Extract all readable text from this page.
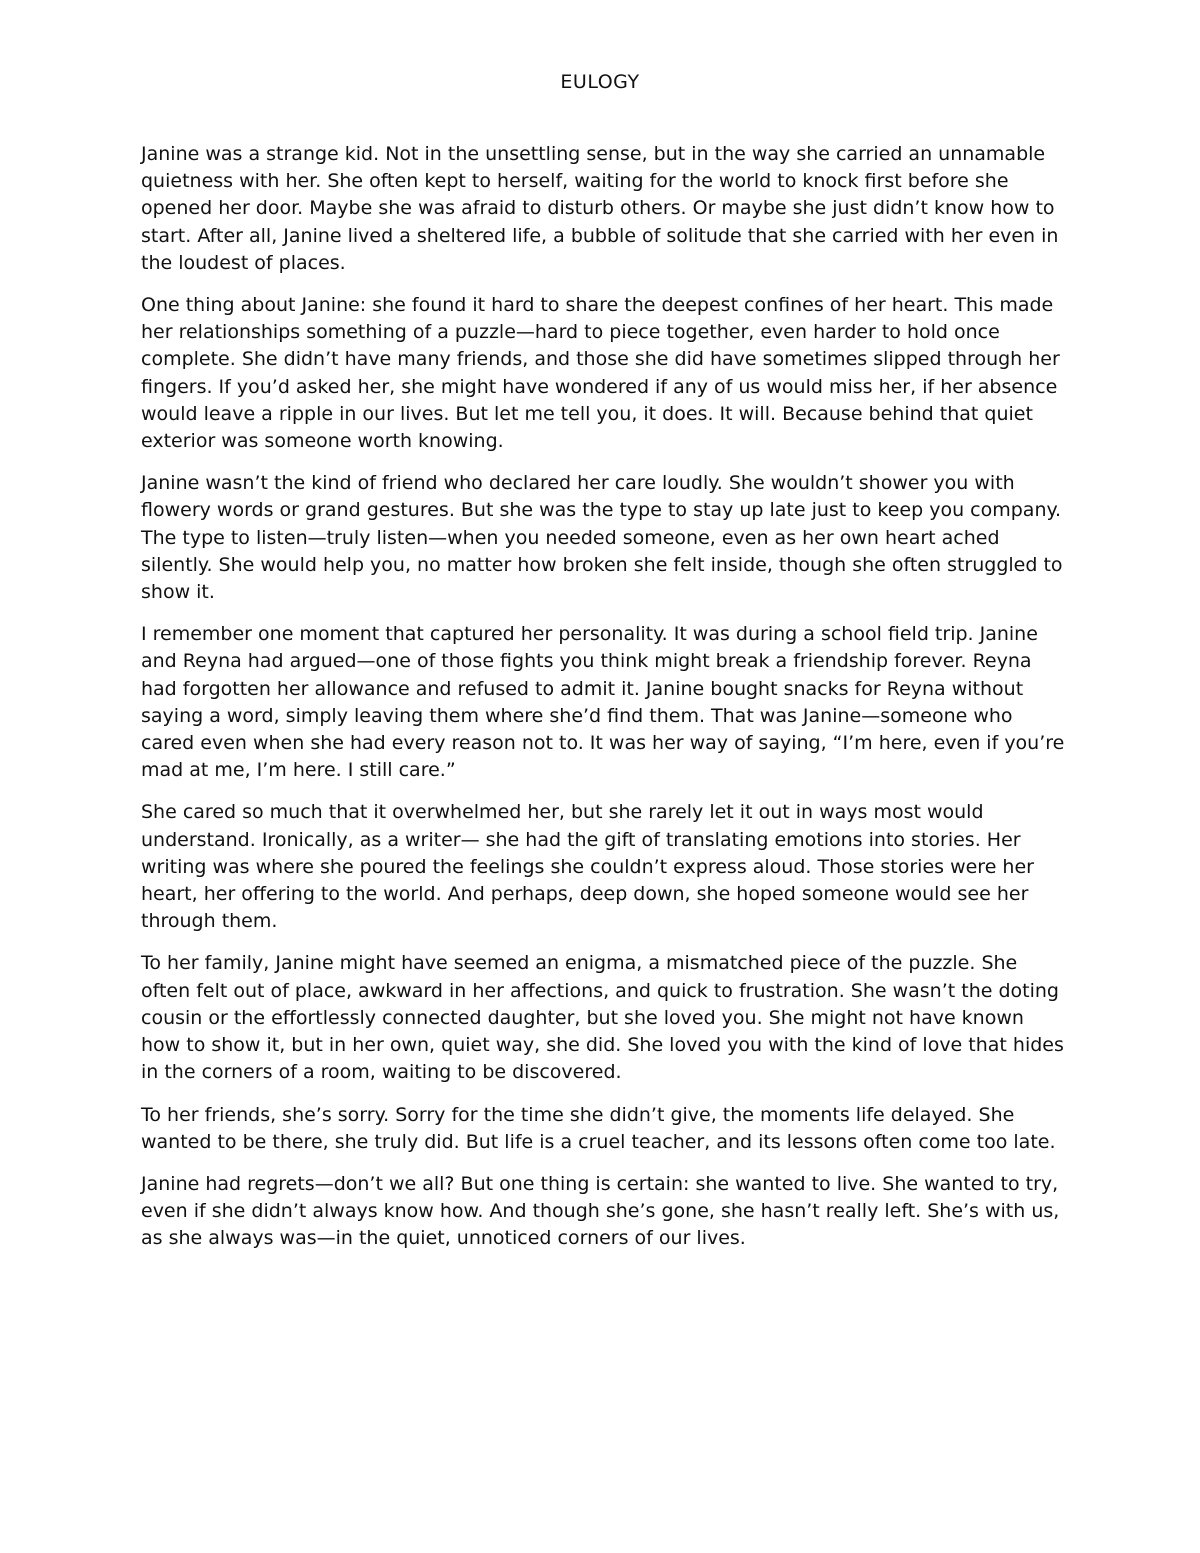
EULOGY

Janine was a strange kid. Not in the unsettling sense, but in the way she carried an unnamable quietness with her. She often kept to herself, waiting for the world to knock first before she opened her door. Maybe she was afraid to disturb others. Or maybe she just didn’t know how to start. After all, Janine lived a sheltered life, a bubble of solitude that she carried with her even in the loudest of places.

One thing about Janine: she found it hard to share the deepest confines of her heart. This made her relationships something of a puzzle—hard to piece together, even harder to hold once complete. She didn’t have many friends, and those she did have sometimes slipped through her fingers. If you’d asked her, she might have wondered if any of us would miss her, if her absence would leave a ripple in our lives. But let me tell you, it does. It will. Because behind that quiet exterior was someone worth knowing.

Janine wasn’t the kind of friend who declared her care loudly. She wouldn’t shower you with flowery words or grand gestures. But she was the type to stay up late just to keep you company. The type to listen—truly listen—when you needed someone, even as her own heart ached silently. She would help you, no matter how broken she felt inside, though she often struggled to show it.

I remember one moment that captured her personality. It was during a school field trip. Janine and Reyna had argued—one of those fights you think might break a friendship forever. Reyna had forgotten her allowance and refused to admit it. Janine bought snacks for Reyna without saying a word, simply leaving them where she’d find them. That was Janine—someone who cared even when she had every reason not to. It was her way of saying, “I’m here, even if you’re mad at me, I’m here. I still care.”

She cared so much that it overwhelmed her, but she rarely let it out in ways most would understand. Ironically, as a writer— she had the gift of translating emotions into stories. Her writing was where she poured the feelings she couldn’t express aloud. Those stories were her heart, her offering to the world. And perhaps, deep down, she hoped someone would see her through them.

To her family, Janine might have seemed an enigma, a mismatched piece of the puzzle. She often felt out of place, awkward in her affections, and quick to frustration. She wasn’t the doting cousin or the effortlessly connected daughter, but she loved you. She might not have known how to show it, but in her own, quiet way, she did. She loved you with the kind of love that hides in the corners of a room, waiting to be discovered.

To her friends, she’s sorry. Sorry for the time she didn’t give, the moments life delayed. She wanted to be there, she truly did. But life is a cruel teacher, and its lessons often come too late.

Janine had regrets—don’t we all? But one thing is certain: she wanted to live. She wanted to try, even if she didn’t always know how. And though she’s gone, she hasn’t really left. She’s with us, as she always was—in the quiet, unnoticed corners of our lives.
